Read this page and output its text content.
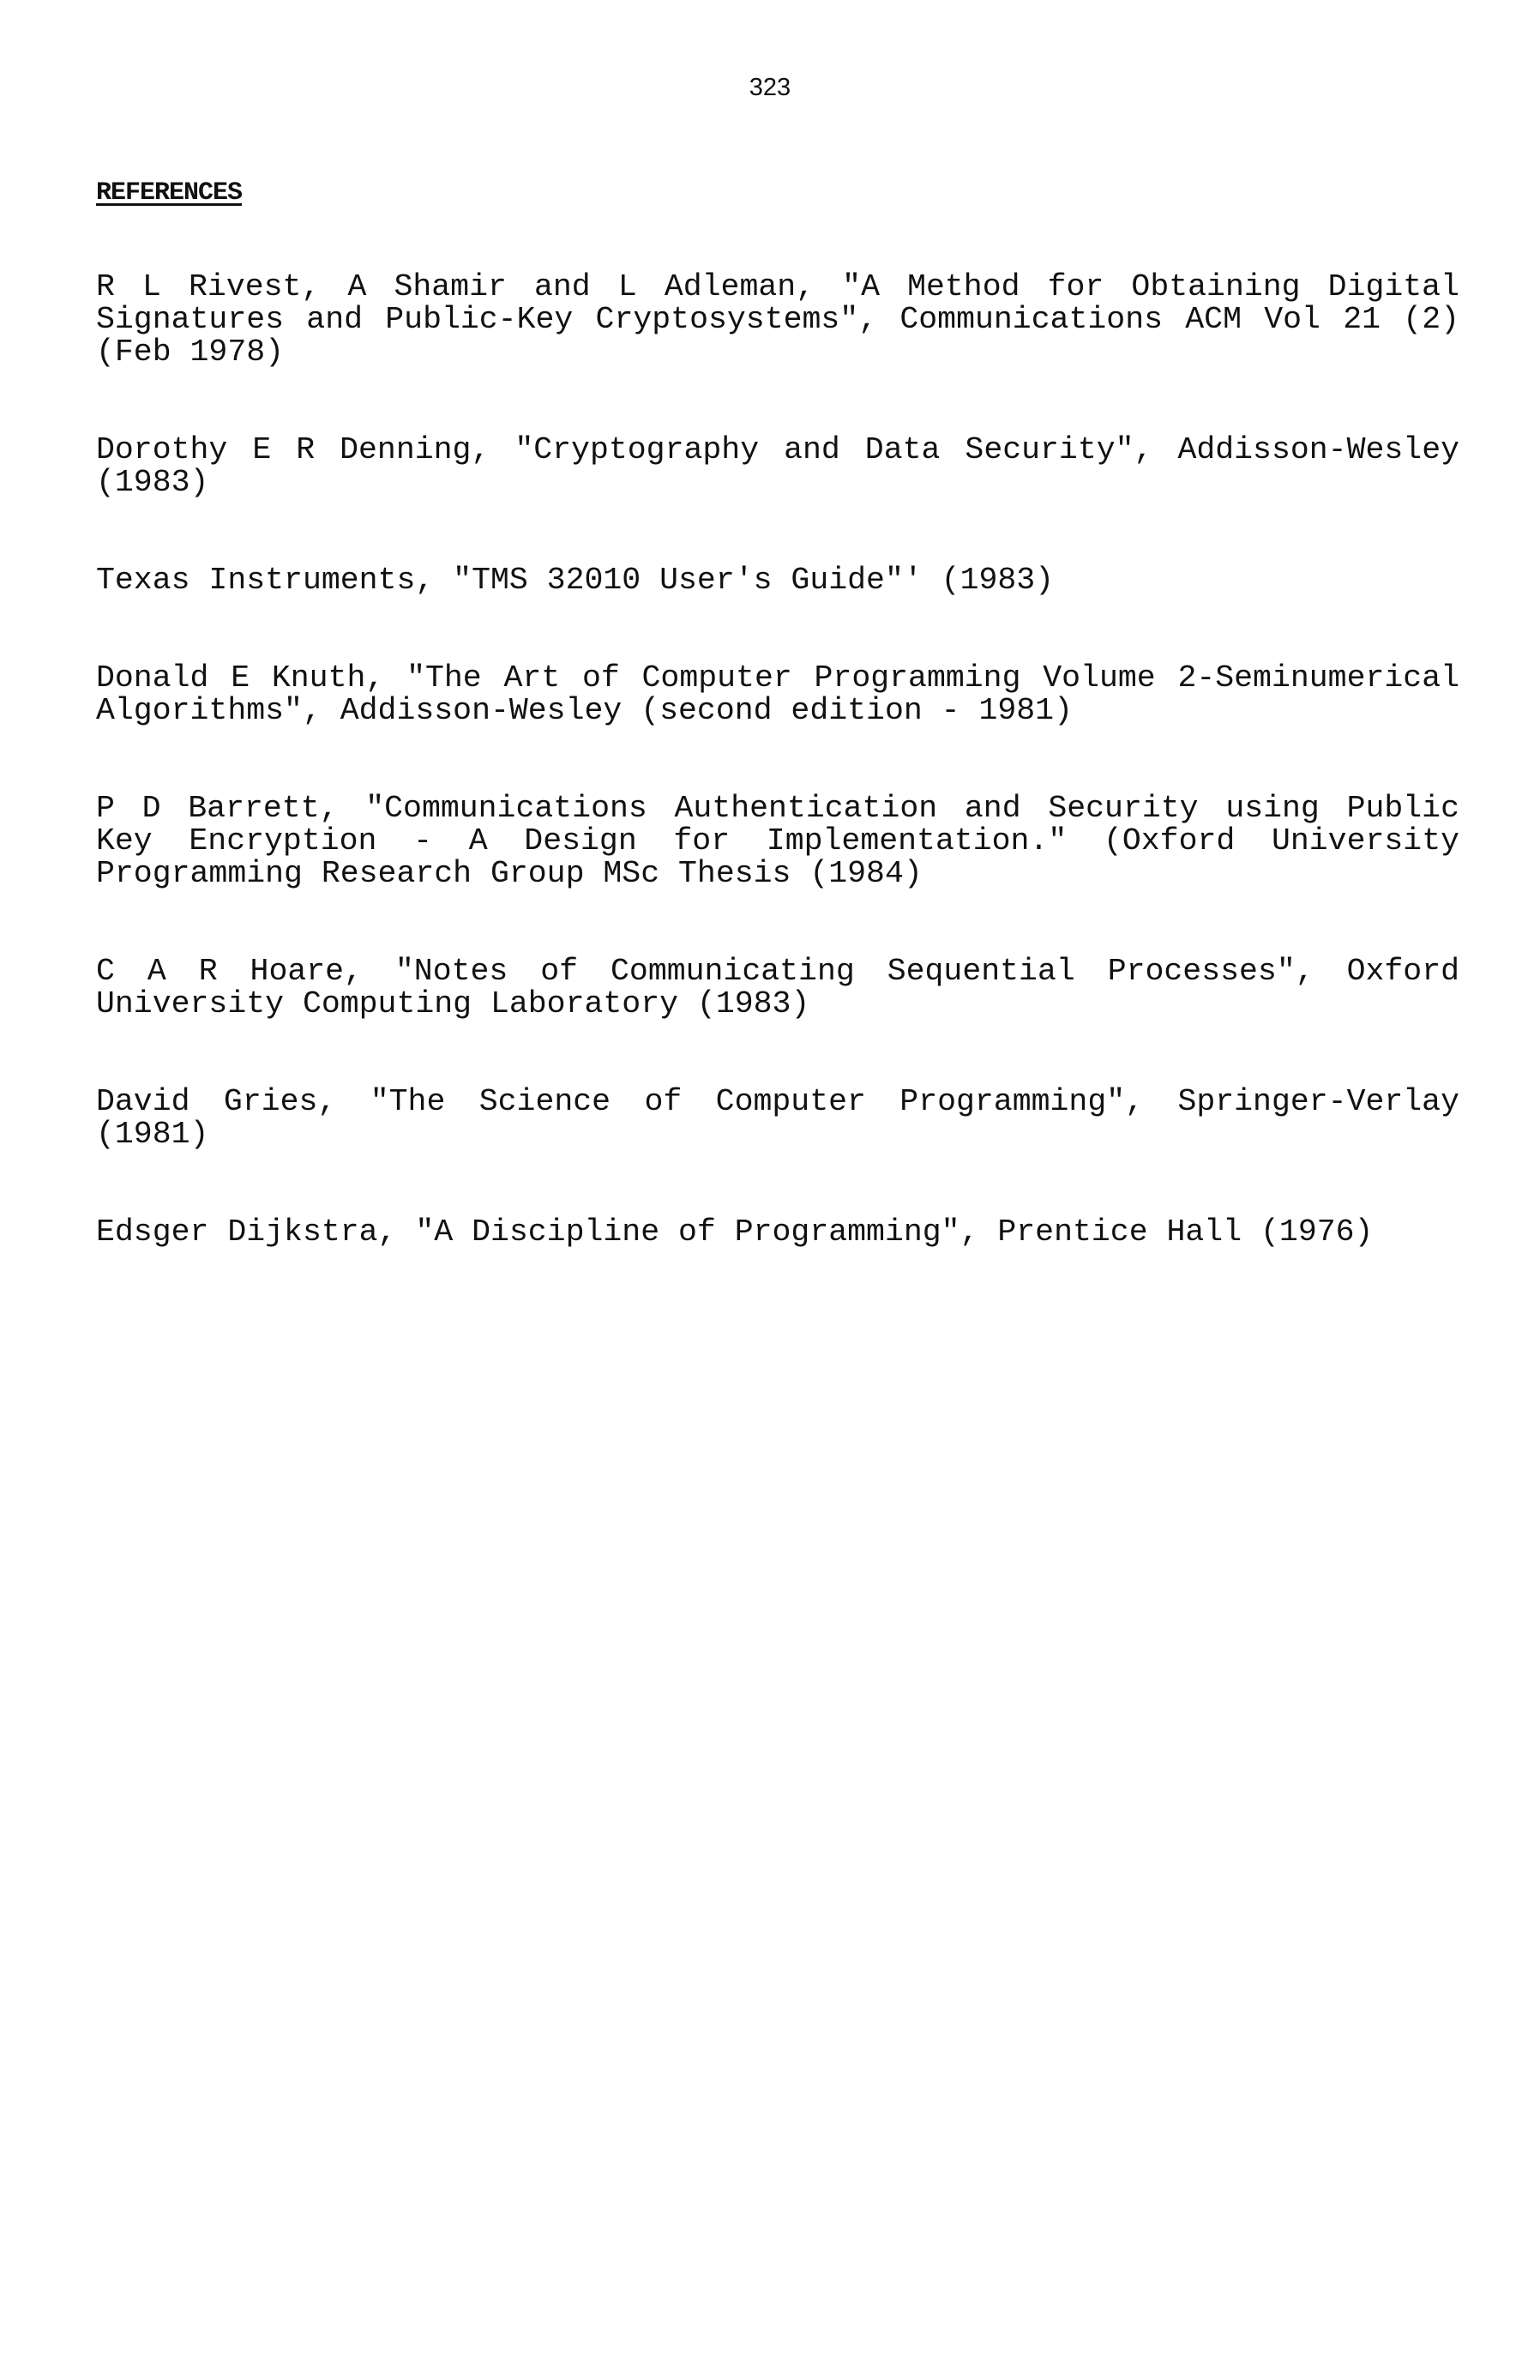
323
REFERENCES

R L Rivest, A Shamir and L Adleman, "A Method for Obtaining Digital Signatures and Public-Key Cryptosystems", Communications ACM Vol 21 (2) (Feb 1978)

Dorothy E R Denning, "Cryptography and Data Security", Addisson-Wesley (1983)

Texas Instruments, "TMS 32010 User's Guide"' (1983)

Donald E Knuth, "The Art of Computer Programming Volume 2-Seminumerical Algorithms", Addisson-Wesley (second edition - 1981)

P D Barrett, "Communications Authentication and Security using Public Key Encryption - A Design for Implementation." (Oxford University Programming Research Group MSc Thesis (1984)

C A R Hoare, "Notes of Communicating Sequential Processes", Oxford University Computing Laboratory (1983)

David Gries, "The Science of Computer Programming", Springer-Verlay (1981)

Edsger Dijkstra, "A Discipline of Programming", Prentice Hall (1976)
